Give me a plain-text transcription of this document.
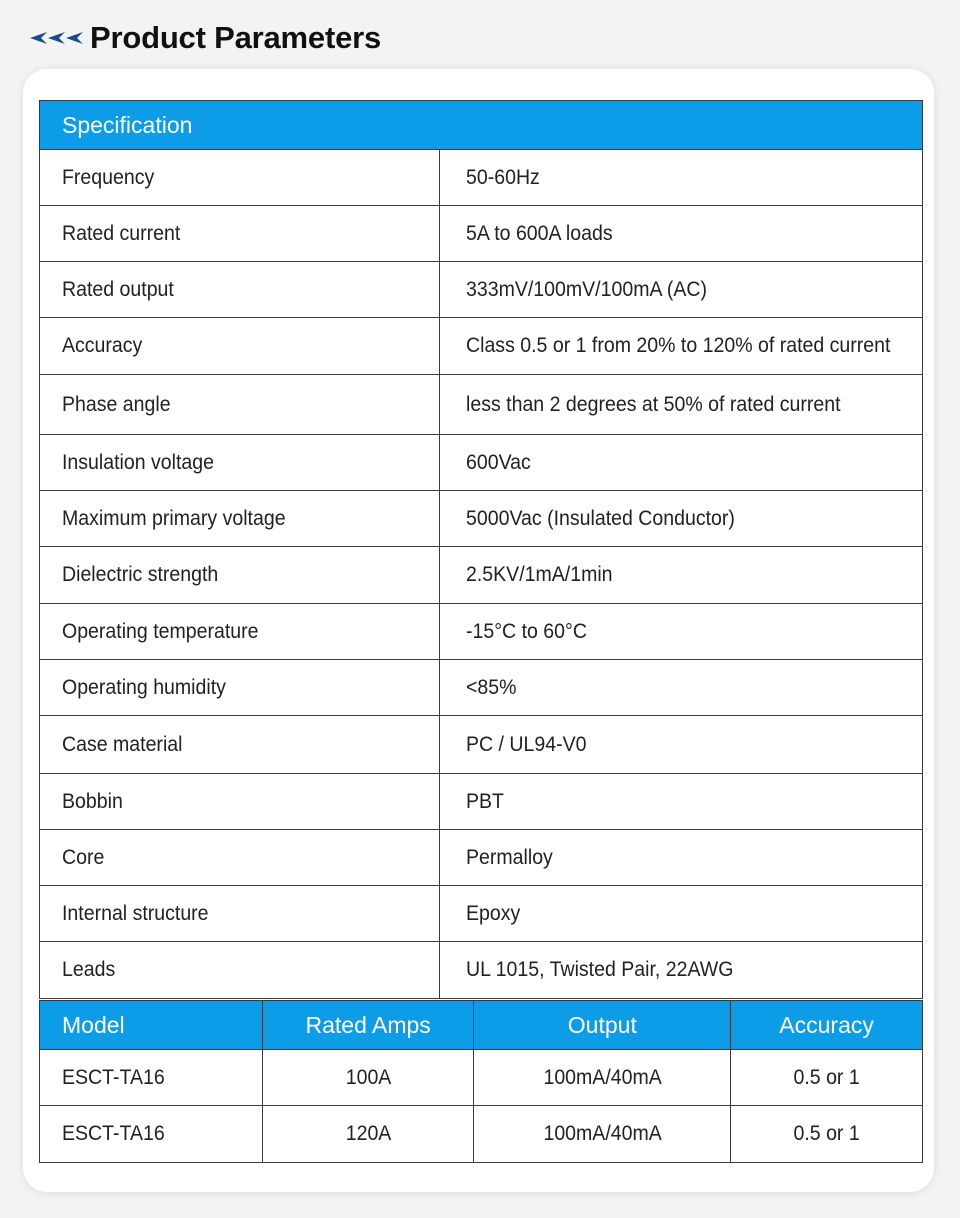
Product Parameters
Specification	
Frequency	50-60Hz
Rated current	5A to 600A loads
Rated output	333mV/100mV/100mA (AC)
Accuracy	Class 0.5 or 1 from 20% to 120% of rated current
Phase angle	less than 2 degrees at 50% of rated current
Insulation voltage	600Vac
Maximum primary voltage	5000Vac (Insulated Conductor)
Dielectric strength	2.5KV/1mA/1min
Operating temperature	-15°C to 60°C
Operating humidity	<85%
Case material	PC / UL94-V0
Bobbin	PBT
Core	Permalloy
Internal structure	Epoxy
Leads	UL 1015, Twisted Pair, 22AWG
Model	Rated Amps	Output	Accuracy
ESCT-TA16	100A	100mA/40mA	0.5 or 1
ESCT-TA16	120A	100mA/40mA	0.5 or 1
